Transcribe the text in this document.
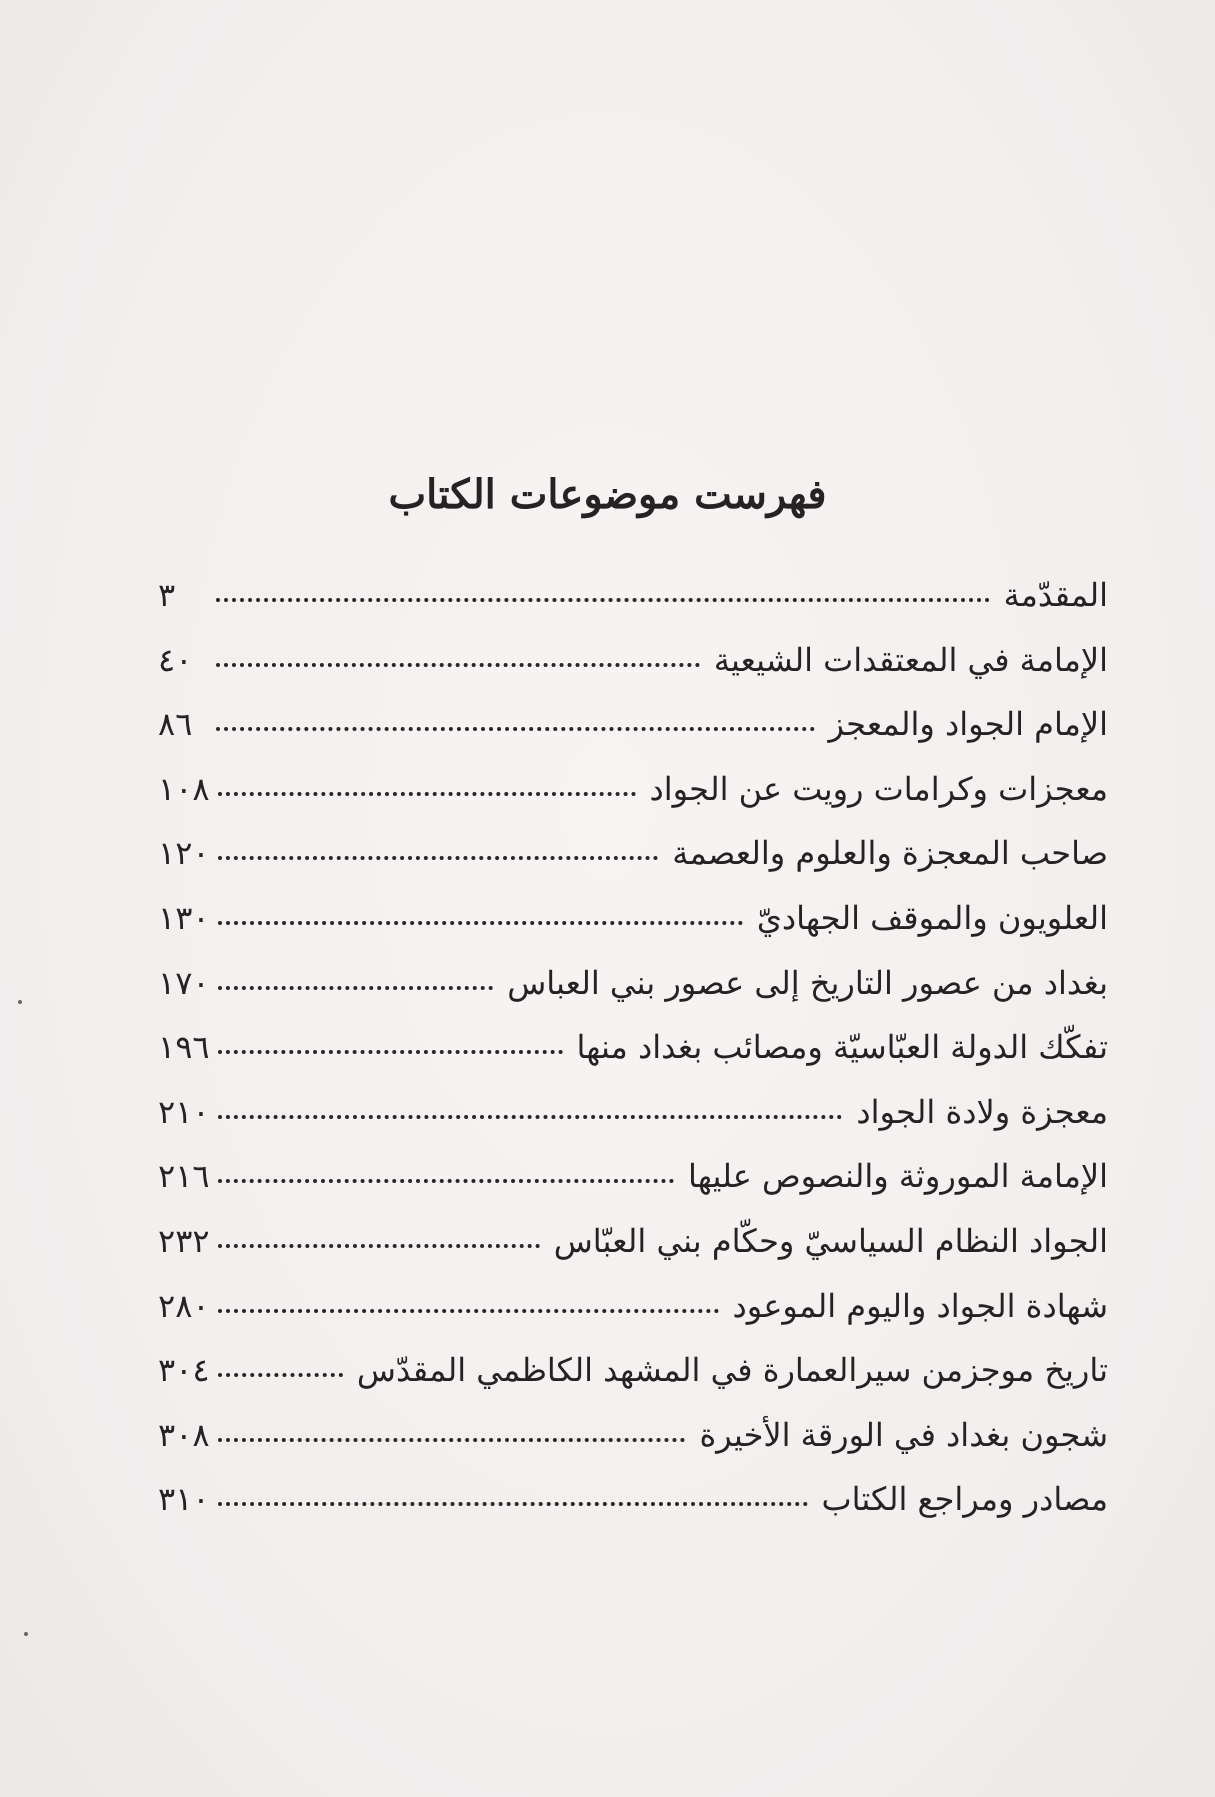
فهرست موضوعات الكتاب
المقدّمة
٣
الإمامة في المعتقدات الشيعية
٤٠
الإمام الجواد والمعجز
٨٦
معجزات وكرامات رويت عن الجواد
١٠٨
صاحب المعجزة والعلوم والعصمة
١٢٠
العلويون والموقف الجهاديّ
١٣٠
بغداد من عصور التاريخ إلى عصور بني العباس
١٧٠
تفكّك الدولة العبّاسيّة ومصائب بغداد منها
١٩٦
معجزة ولادة الجواد
٢١٠
الإمامة الموروثة والنصوص عليها
٢١٦
الجواد النظام السياسيّ وحكّام بني العبّاس
٢٣٢
شهادة الجواد واليوم الموعود
٢٨٠
تاريخ موجزمن سيرالعمارة في المشهد الكاظمي المقدّس
٣٠٤
شجون بغداد في الورقة الأخيرة
٣٠٨
مصادر ومراجع الكتاب
٣١٠
